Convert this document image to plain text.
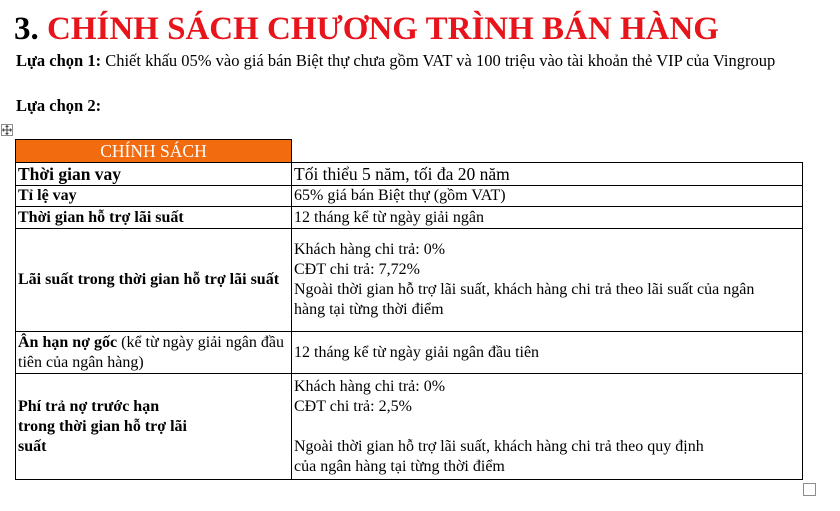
3. CHÍNH SÁCH CHƯƠNG TRÌNH BÁN HÀNG
Lựa chọn 1: Chiết khấu 05% vào giá bán Biệt thự chưa gồm VAT và 100 triệu vào tài khoản thẻ VIP của Vingroup
Lựa chọn 2:
CHÍNH SÁCH	
Thời gian vay	Tối thiểu 5 năm, tối đa 20 năm
Tỉ lệ vay	65% giá bán Biệt thự (gồm VAT)
Thời gian hỗ trợ lãi suất	12 tháng kể từ ngày giải ngân
Lãi suất trong thời gian hỗ trợ lãi suất	Khách hàng chi trả: 0%
CĐT chi trả: 7,72%
Ngoài thời gian hỗ trợ lãi suất, khách hàng chi trả theo lãi suất của ngân
hàng tại từng thời điểm

Ân hạn nợ gốc (kể từ ngày giải ngân đầu tiên của ngân hàng)	12 tháng kể từ ngày giải ngân đầu tiên

Phí trả nợ trước hạn
trong thời gian hỗ trợ lãi
suất	Khách hàng chi trả: 0%
CĐT chi trả: 2,5%
Ngoài thời gian hỗ trợ lãi suất, khách hàng chi trả theo quy định
của ngân hàng tại từng thời điểm
